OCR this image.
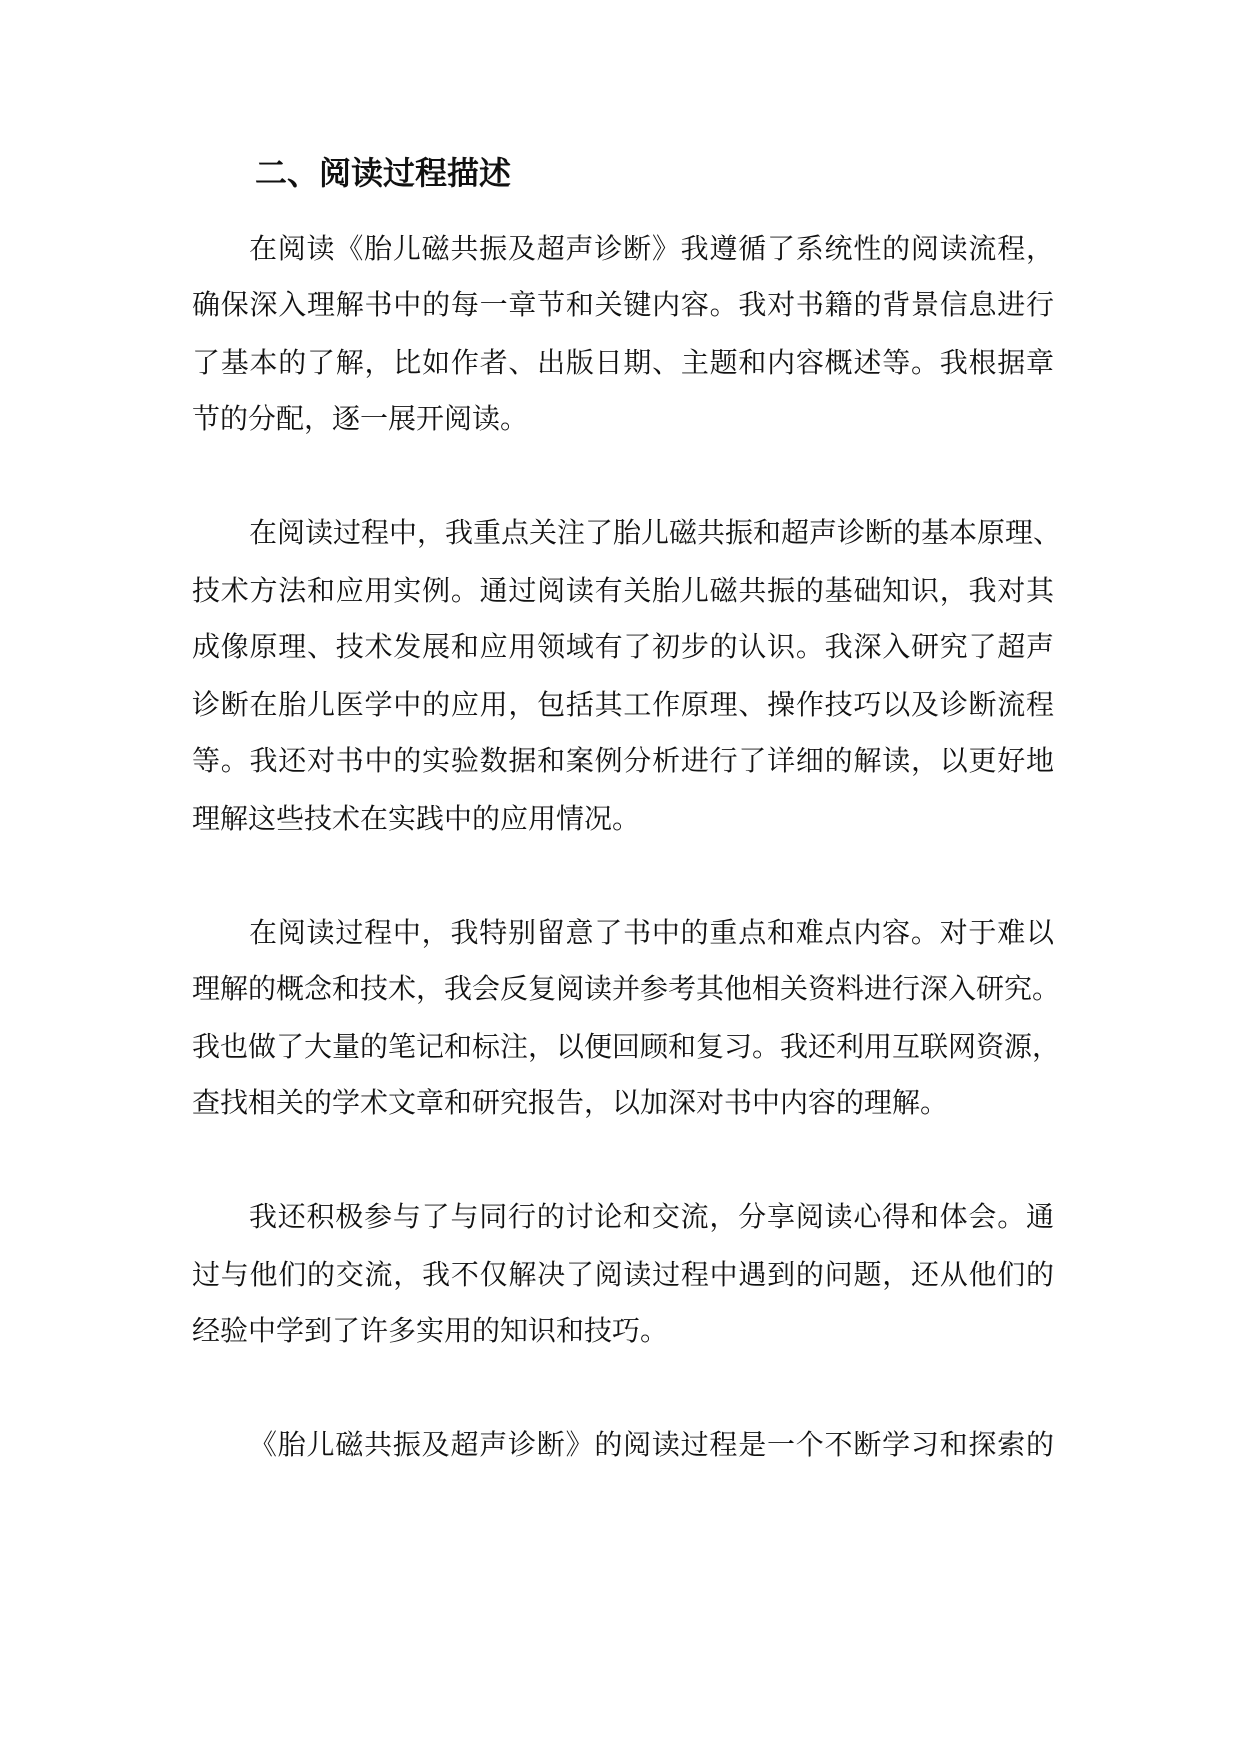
二、阅读过程描述

在阅读《胎儿磁共振及超声诊断》我遵循了系统性的阅读流程，

确保深入理解书中的每一章节和关键内容。我对书籍的背景信息进行

了基本的了解，比如作者、出版日期、主题和内容概述等。我根据章

节的分配，逐一展开阅读。

在阅读过程中，我重点关注了胎儿磁共振和超声诊断的基本原理、

技术方法和应用实例。通过阅读有关胎儿磁共振的基础知识，我对其

成像原理、技术发展和应用领域有了初步的认识。我深入研究了超声

诊断在胎儿医学中的应用，包括其工作原理、操作技巧以及诊断流程

等。我还对书中的实验数据和案例分析进行了详细的解读，以更好地

理解这些技术在实践中的应用情况。

在阅读过程中，我特别留意了书中的重点和难点内容。对于难以

理解的概念和技术，我会反复阅读并参考其他相关资料进行深入研究。

我也做了大量的笔记和标注，以便回顾和复习。我还利用互联网资源，

查找相关的学术文章和研究报告，以加深对书中内容的理解。

我还积极参与了与同行的讨论和交流，分享阅读心得和体会。通

过与他们的交流，我不仅解决了阅读过程中遇到的问题，还从他们的

经验中学到了许多实用的知识和技巧。

《胎儿磁共振及超声诊断》的阅读过程是一个不断学习和探索的
